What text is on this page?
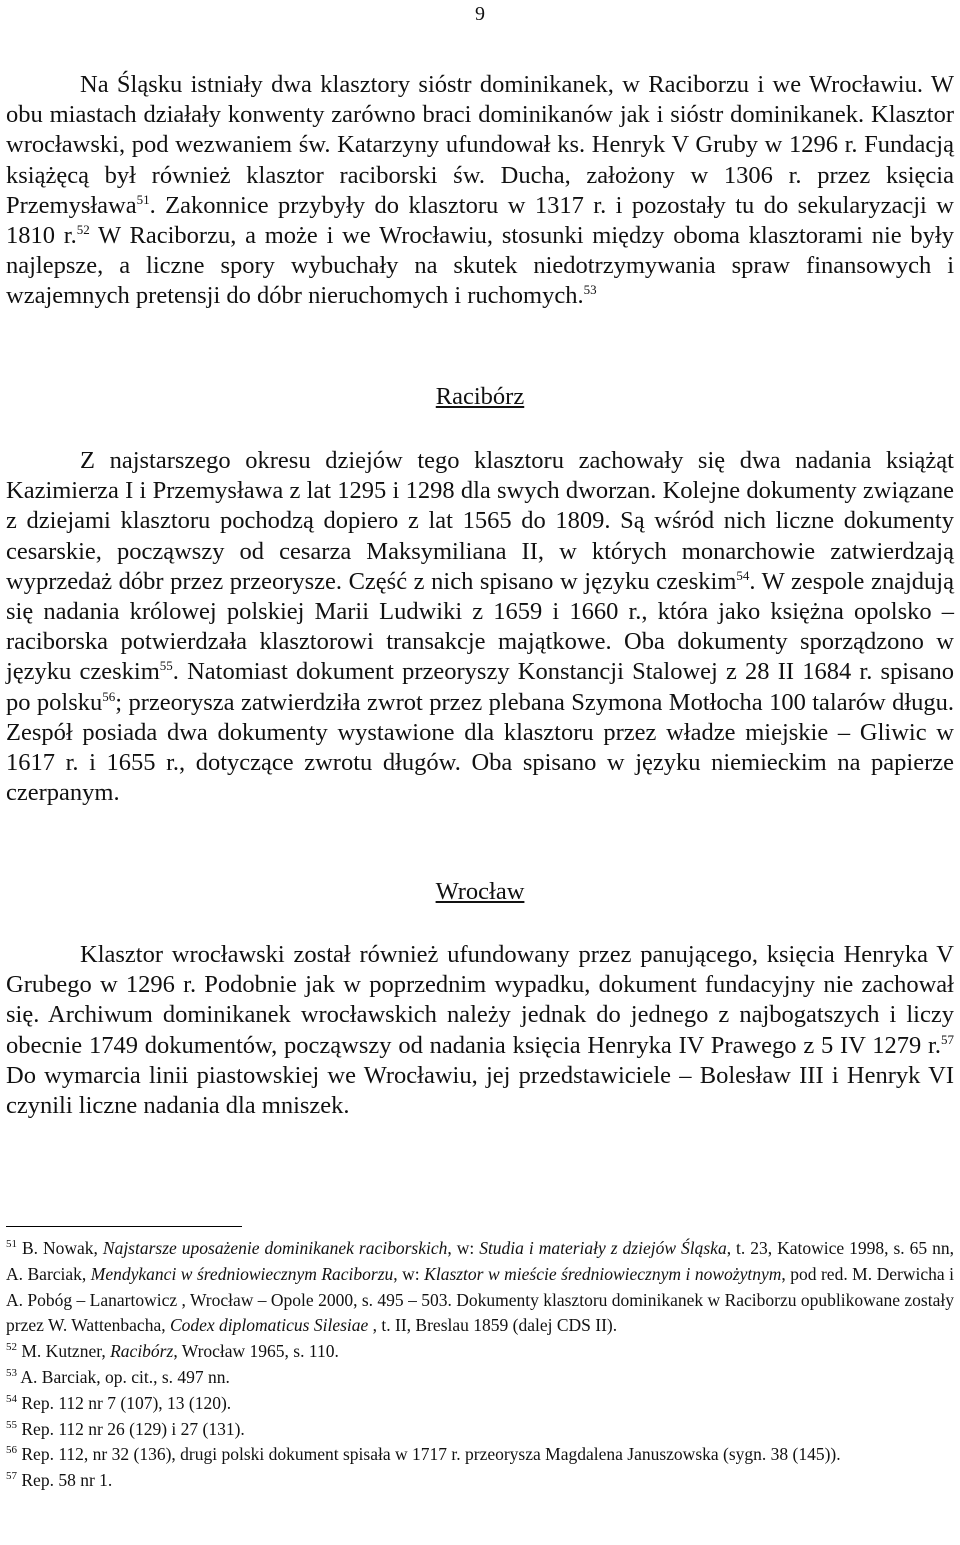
9

Na Śląsku istniały dwa klasztory sióstr dominikanek, w Raciborzu i we Wrocławiu. W obu miastach działały konwenty zarówno braci dominikanów jak i sióstr dominikanek. Klasztor wrocławski, pod wezwaniem św. Katarzyny ufundował ks. Henryk V Gruby w 1296 r. Fundacją książęcą był również klasztor raciborski św. Ducha, założony w 1306 r. przez księcia Przemysława$^{51}$. Zakonnice przybyły do klasztoru w 1317 r. i pozostały tu do sekularyzacji w 1810 r.$^{52}$ W Raciborzu, a może i we Wrocławiu, stosunki między oboma klasztorami nie były najlepsze, a liczne spory wybuchały na skutek niedotrzymywania spraw finansowych i wzajemnych pretensji do dóbr nieruchomych i ruchomych.$^{53}$

Racibórz

Z najstarszego okresu dziejów tego klasztoru zachowały się dwa nadania książąt Kazimierza I i Przemysława z lat 1295 i 1298 dla swych dworzan. Kolejne dokumenty związane z dziejami klasztoru pochodzą dopiero z lat 1565 do 1809. Są wśród nich liczne dokumenty cesarskie, począwszy od cesarza Maksymiliana II, w których monarchowie zatwierdzają wyprzedaż dóbr przez przeorysze. Część z nich spisano w języku czeskim$^{54}$. W zespole znajdują się nadania królowej polskiej Marii Ludwiki z 1659 i 1660 r., która jako księżna opolsko – raciborska potwierdzała klasztorowi transakcje majątkowe. Oba dokumenty sporządzono w języku czeskim$^{55}$. Natomiast dokument przeoryszy Konstancji Stalowej z 28 II 1684 r. spisano po polsku$^{56}$; przeorysza zatwierdziła zwrot przez plebana Szymona Motłocha 100 talarów długu. Zespół posiada dwa dokumenty wystawione dla klasztoru przez władze miejskie – Gliwic w 1617 r. i 1655 r., dotyczące zwrotu długów. Oba spisano w języku niemieckim na papierze czerpanym.

Wrocław

Klasztor wrocławski został również ufundowany przez panującego, księcia Henryka V Grubego w 1296 r. Podobnie jak w poprzednim wypadku, dokument fundacyjny nie zachował się. Archiwum dominikanek wrocławskich należy jednak do jednego z najbogatszych i liczy obecnie 1749 dokumentów, począwszy od nadania księcia Henryka IV Prawego z 5 IV 1279 r.$^{57}$ Do wymarcia linii piastowskiej we Wrocławiu, jej przedstawiciele – Bolesław III i Henryk VI czynili liczne nadania dla mniszek.

$^{51}$ B. Nowak, Najstarsze uposażenie dominikanek raciborskich, w: Studia i materiały z dziejów Śląska, t. 23, Katowice 1998, s. 65 nn, A. Barciak, Mendykanci w średniowiecznym Raciborzu, w: Klasztor w mieście średniowiecznym i nowożytnym, pod red. M. Derwicha i A. Pobóg – Lanartowicz , Wrocław – Opole 2000, s. 495 – 503. Dokumenty klasztoru dominikanek w Raciborzu opublikowane zostały przez W. Wattenbacha, Codex diplomaticus Silesiae , t. II, Breslau 1859 (dalej CDS II).

$^{52}$ M. Kutzner, Racibórz, Wrocław 1965, s. 110.

$^{53}$ A. Barciak, op. cit., s. 497 nn.

$^{54}$ Rep. 112 nr 7 (107), 13 (120).

$^{55}$ Rep. 112 nr 26 (129) i 27 (131).

$^{56}$ Rep. 112, nr 32 (136), drugi polski dokument spisała w 1717 r. przeorysza Magdalena Januszowska (sygn. 38 (145)).

$^{57}$ Rep. 58 nr 1.
